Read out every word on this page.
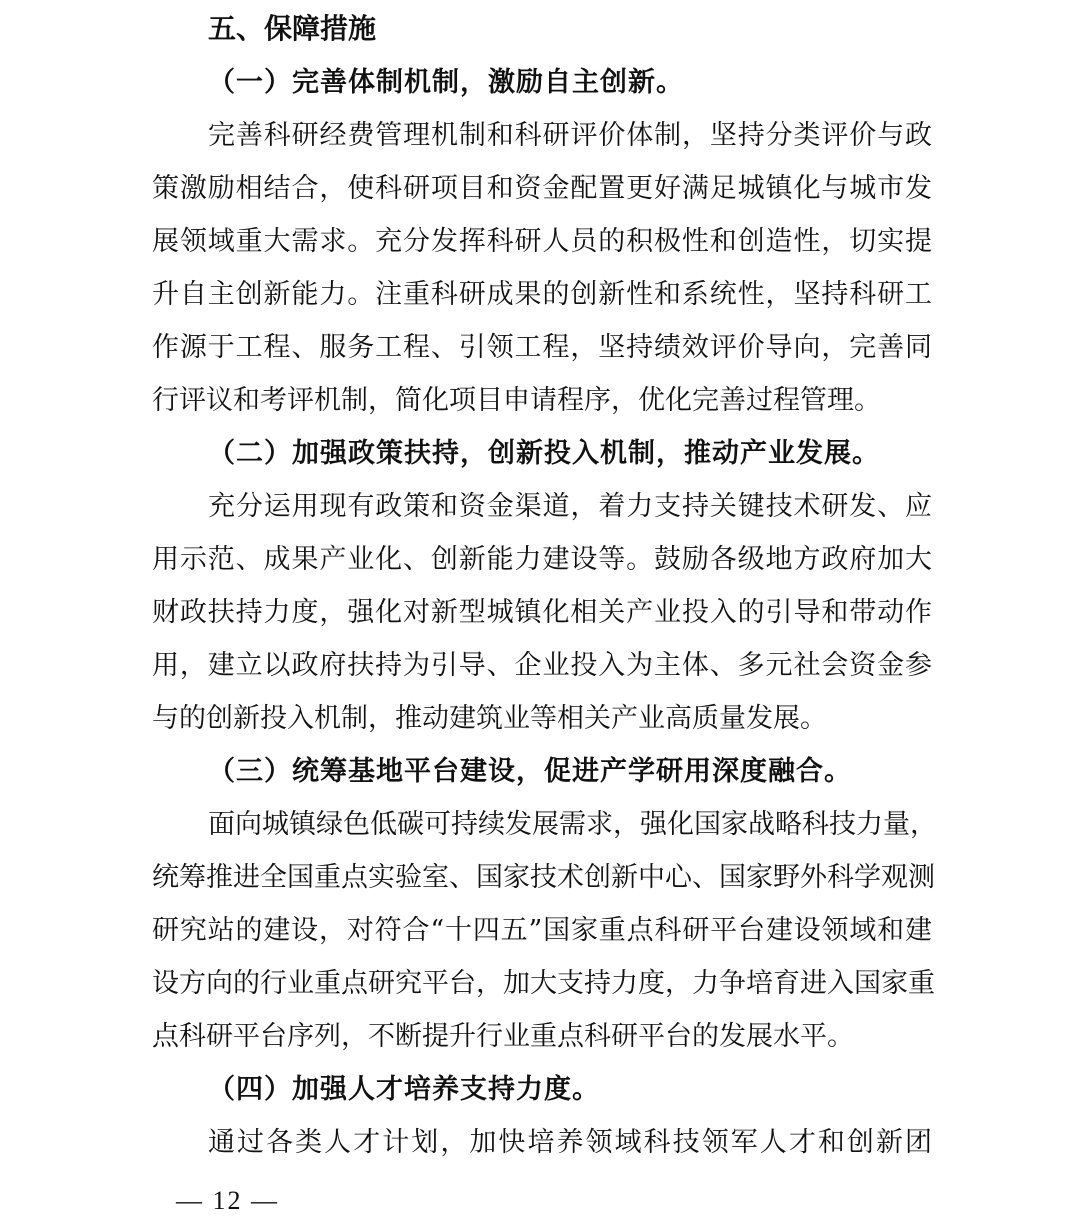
五、保障措施
（一）完善体制机制，激励自主创新。
完善科研经费管理机制和科研评价体制，坚持分类评价与政
策激励相结合，使科研项目和资金配置更好满足城镇化与城市发
展领域重大需求。充分发挥科研人员的积极性和创造性，切实提
升自主创新能力。注重科研成果的创新性和系统性，坚持科研工
作源于工程、服务工程、引领工程，坚持绩效评价导向，完善同
行评议和考评机制，简化项目申请程序，优化完善过程管理。
（二）加强政策扶持，创新投入机制，推动产业发展。
充分运用现有政策和资金渠道，着力支持关键技术研发、应
用示范、成果产业化、创新能力建设等。鼓励各级地方政府加大
财政扶持力度，强化对新型城镇化相关产业投入的引导和带动作
用，建立以政府扶持为引导、企业投入为主体、多元社会资金参
与的创新投入机制，推动建筑业等相关产业高质量发展。
（三）统筹基地平台建设，促进产学研用深度融合。
面向城镇绿色低碳可持续发展需求，强化国家战略科技力量，
统筹推进全国重点实验室、国家技术创新中心、国家野外科学观测
研究站的建设，对符合“十四五”国家重点科研平台建设领域和建
设方向的行业重点研究平台，加大支持力度，力争培育进入国家重
点科研平台序列，不断提升行业重点科研平台的发展水平。
（四）加强人才培养支持力度。
通过各类人才计划，加快培养领域科技领军人才和创新团
— 12 —
